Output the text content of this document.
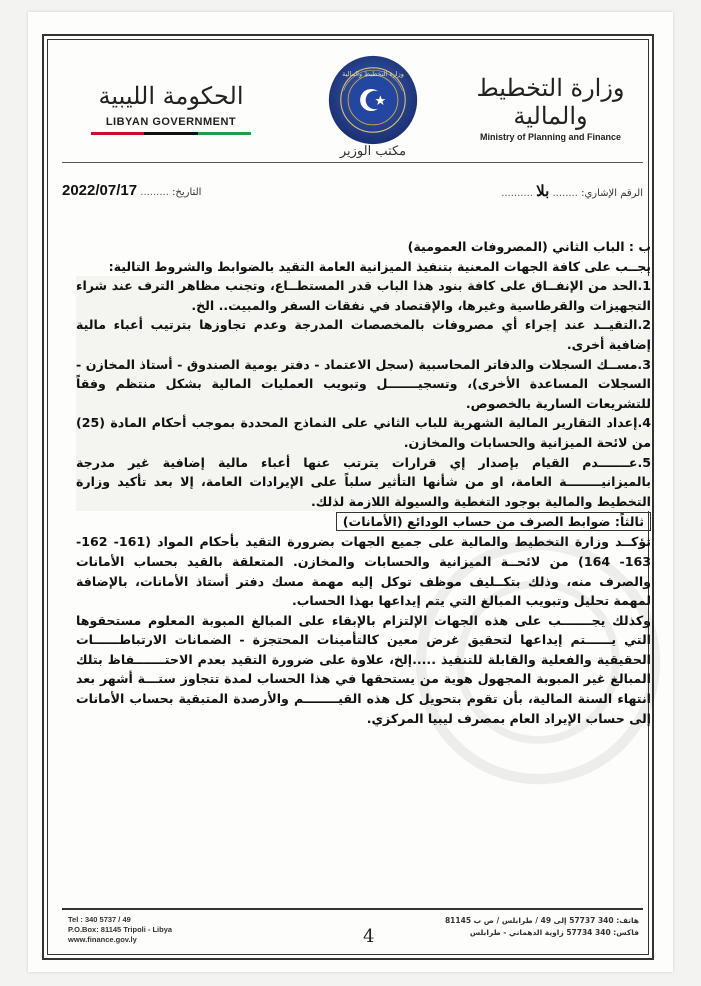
وزارة التخطيط والمالية
Ministry of Planning and Finance
وزارة التخطيط والمالية
مكتب الوزير
الحكومة الليبية
LIBYAN GOVERNMENT
الرقم الإشاري: ........ بلا ..........
التاريخ: ......... 2022/07/17

ب : الباب الثاني (المصروفات العمومية)

يجــب على كافة الجهات المعنية بتنفيذ الميزانية العامة التقيد بالضوابط والشروط التالية:

1.الحد من الإنفــاق على كافة بنود هذا الباب قدر المستطــاع، وتجنب مظاهر الترف عند شراء التجهيزات والقرطاسية وغيرها، والإقتصاد في نفقات السفر والمبيت.. الخ.

2.التقيــد عند إجراء أي مصروفات بالمخصصات المدرجة وعدم تجاوزها بترتيب أعباء مالية إضافية أخرى.

3.مســك السجلات والدفاتر المحاسبية (سجل الاعتماد - دفتر يومية الصندوق - أستاذ المخازن - السجلات المساعدة الأخرى)، وتسجيـــــــل وتبويب العمليات المالية بشكل منتظم وفقاً للتشريعات السارية بالخصوص.

4.إعداد التقارير المالية الشهرية للباب الثاني على النماذج المحددة بموجب أحكام المادة (25) من لائحة الميزانية والحسابات والمخازن.

5.عـــــــدم القيام بإصدار إي قرارات يترتب عنها أعباء مالية إضافية غير مدرجة بالميزانيــــــــة العامة، او من شأنها التأثير سلباً على الإيرادات العامة، إلا بعد تأكيد وزارة التخطيط والمالية بوجود التغطية والسيولة اللازمة لذلك.

ثالثاً: ضوابط الصرف من حساب الودائع (الأمانات)

تؤكــد وزارة التخطيط والمالية على جميع الجهات بضرورة التقيد بأحكام المواد (161- 162- 163- 164) من لائحــة الميزانية والحسابات والمخازن. المتعلقة بالقيد بحساب الأمانات والصرف منه، وذلك بتكــليف موظف توكل إليه مهمة مسك دفتر أستاذ الأمانات، بالإضافة لمهمة تحليل وتبويب المبالغ التي يتم إيداعها بهذا الحساب.

وكذلك يجـــــــب على هذه الجهات الإلتزام بالإبقاء على المبالغ المبوبة المعلوم مستحقوها التي يــــــتم إيداعها لتحقيق غرض معين كالتأمينات المحتجزة - الضمانات الارتباطــــــات الحقيقية والفعلية والقابلة للتنفيذ .....إلخ، علاوة على ضرورة التقيد بعدم الاحتـــــــفاظ بتلك المبالغ غير المبوبة المجهول هوية من يستحقها في هذا الحساب لمدة تتجاوز ستـــة أشهر بعد انتهاء السنة المالية، بأن تقوم بتحويل كل هذه القيــــــــم والأرصدة المتبقية بحساب الأمانات إلى حساب الإيراد العام بمصرف ليبيا المركزي.

Tel : 340 5737 / 49
P.O.Box: 81145 Tripoli - Libya
www.finance.gov.ly	4
هاتف: 340 57737 إلى 49 / طرابلس / ص ب 81145
فاكس: 340 57734 زاوية الدهماني - طرابلس
